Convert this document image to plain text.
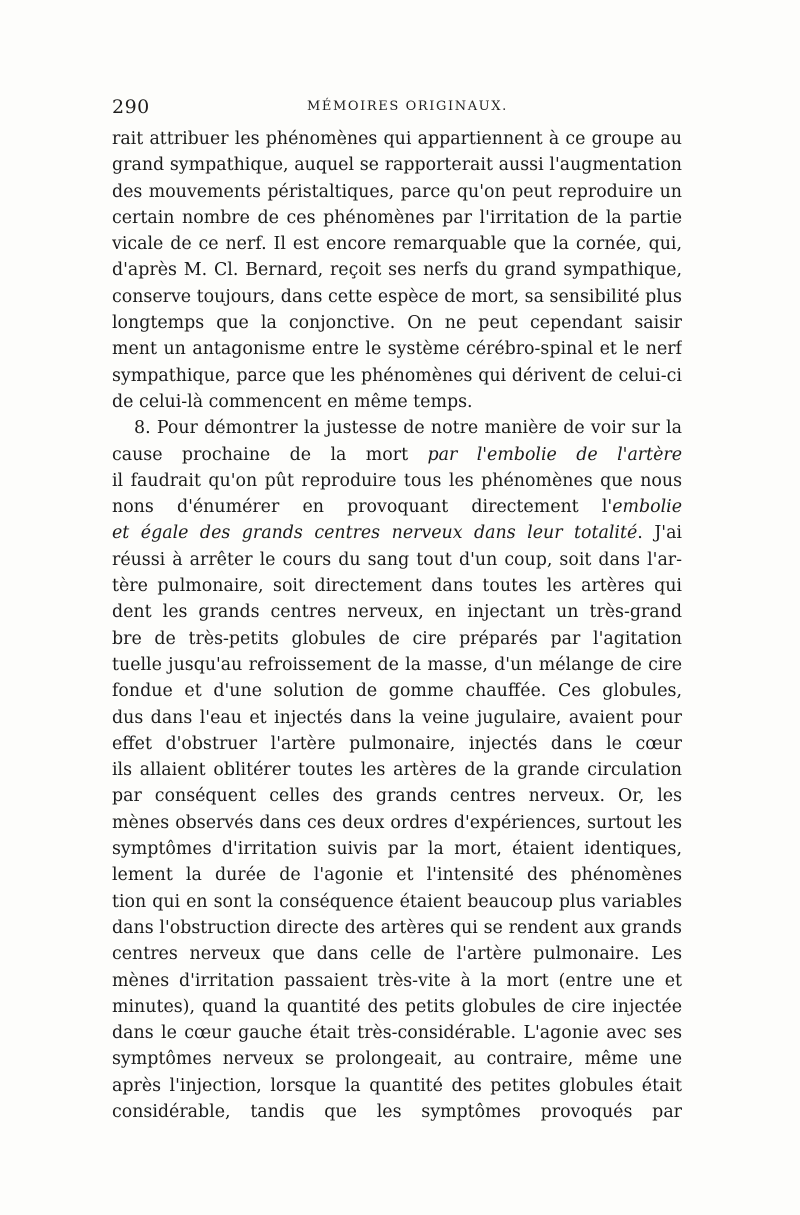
290	MÉMOIRES ORIGINAUX.
rait attribuer les phénomènes qui appartiennent à ce groupe au
grand sympathique, auquel se rapporterait aussi l'augmentation
des mouvements péristaltiques, parce qu'on peut reproduire un
certain nombre de ces phénomènes par l'irritation de la partie
vicale de ce nerf. Il est encore remarquable que la cornée, qui,
d'après M. Cl. Bernard, reçoit ses nerfs du grand sympathique,
conserve toujours, dans cette espèce de mort, sa sensibilité plus
longtemps que la conjonctive. On ne peut cependant saisir
ment un antagonisme entre le système cérébro-spinal et le nerf
sympathique, parce que les phénomènes qui dérivent de celui-ci
de celui-là commencent en même temps.
8. Pour démontrer la justesse de notre manière de voir sur la
cause prochaine de la mort par l'embolie de l'artère
il faudrait qu'on pût reproduire tous les phénomènes que nous
nons d'énumérer en provoquant directement l'embolie
et égale des grands centres nerveux dans leur totalité. J'ai
réussi à arrêter le cours du sang tout d'un coup, soit dans l'ar-
tère pulmonaire, soit directement dans toutes les artères qui
dent les grands centres nerveux, en injectant un très-grand
bre de très-petits globules de cire préparés par l'agitation
tuelle jusqu'au refroissement de la masse, d'un mélange de cire
fondue et d'une solution de gomme chauffée. Ces globules,
dus dans l'eau et injectés dans la veine jugulaire, avaient pour
effet d'obstruer l'artère pulmonaire, injectés dans le cœur
ils allaient oblitérer toutes les artères de la grande circulation
par conséquent celles des grands centres nerveux. Or, les
mènes observés dans ces deux ordres d'expériences, surtout les
symptômes d'irritation suivis par la mort, étaient identiques,
lement la durée de l'agonie et l'intensité des phénomènes
tion qui en sont la conséquence étaient beaucoup plus variables
dans l'obstruction directe des artères qui se rendent aux grands
centres nerveux que dans celle de l'artère pulmonaire. Les
mènes d'irritation passaient très-vite à la mort (entre une et
minutes), quand la quantité des petits globules de cire injectée
dans le cœur gauche était très-considérable. L'agonie avec ses
symptômes nerveux se prolongeait, au contraire, même une
après l'injection, lorsque la quantité des petites globules était
considérable, tandis que les symptômes provoqués par
